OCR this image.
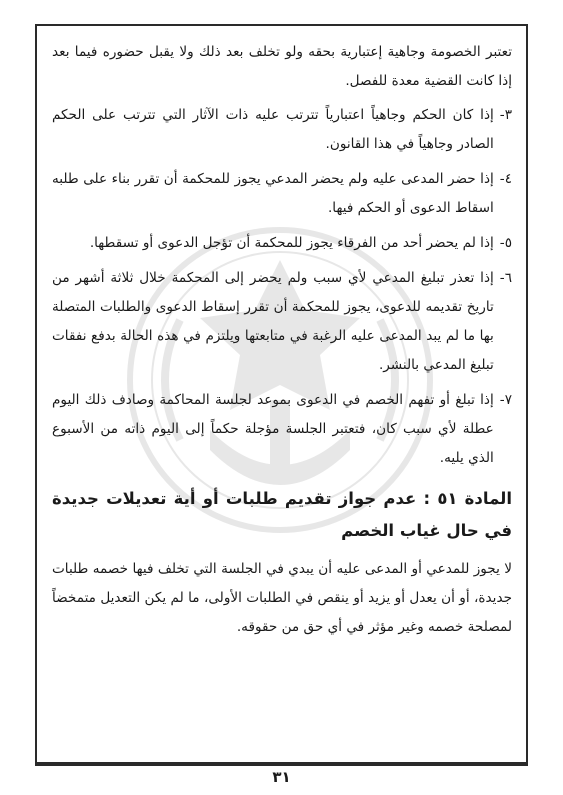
تعتبر الخصومة وجاهية إعتبارية بحقه ولو تخلف بعد ذلك ولا يقبل حضوره فيما بعد إذا كانت القضية معدة للفصل.

٣-
إذا كان الحكم وجاهياً اعتبارياً تترتب عليه ذات الآثار التي تترتب على الحكم الصادر وجاهياً في هذا القانون.
٤-
إذا حضر المدعى عليه ولم يحضر المدعي يجوز للمحكمة أن تقرر بناء على طلبه اسقاط الدعوى أو الحكم فيها.
٥-
إذا لم يحضر أحد من الفرقاء يجوز للمحكمة أن تؤجل الدعوى أو تسقطها.
٦-
إذا تعذر تبليغ المدعي لأي سبب ولم يحضر إلى المحكمة خلال ثلاثة أشهر من تاريخ تقديمه للدعوى، يجوز للمحكمة أن تقرر إسقاط الدعوى والطلبات المتصلة بها ما لم يبد المدعى عليه الرغبة في متابعتها ويلتزم في هذه الحالة بدفع نفقات تبليغ المدعي بالنشر.
٧-
إذا تبلغ أو تفهم الخصم في الدعوى بموعد لجلسة المحاكمة وصادف ذلك اليوم عطلة لأي سبب كان، فتعتبر الجلسة مؤجلة حكماً إلى اليوم ذاته من الأسبوع الذي يليه.
المادة ٥١ : عدم جواز تقديم طلبات أو أية تعديلات جديدة في حال غياب الخصم

لا يجوز للمدعي أو المدعى عليه أن يبدي في الجلسة التي تخلف فيها خصمه طلبات جديدة، أو أن يعدل أو يزيد أو ينقص في الطلبات الأولى، ما لم يكن التعديل متمخضاً لمصلحة خصمه وغير مؤثر في أي حق من حقوقه.

٣١
